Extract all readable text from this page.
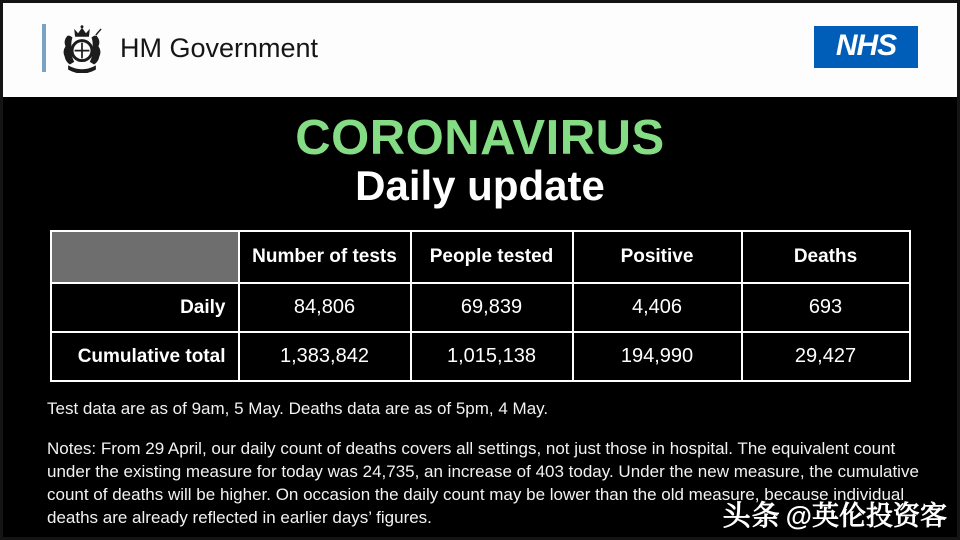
HM Government	NHS
CORONAVIRUS
Daily update
	Number of tests	People tested	Positive	Deaths
Daily	84,806	69,839	4,406	693
Cumulative total	1,383,842	1,015,138	194,990	29,427

Test data are as of 9am, 5 May. Deaths data are as of 5pm, 4 May.

Notes: From 29 April, our daily count of deaths covers all settings, not just those in hospital. The equivalent count under the existing measure for today was 24,735, an increase of 403 today. Under the new measure, the cumulative count of deaths will be higher. On occasion the daily count may be lower than the old measure, because individual deaths are already reflected in earlier days’ figures.	头条 @英伦投资客
